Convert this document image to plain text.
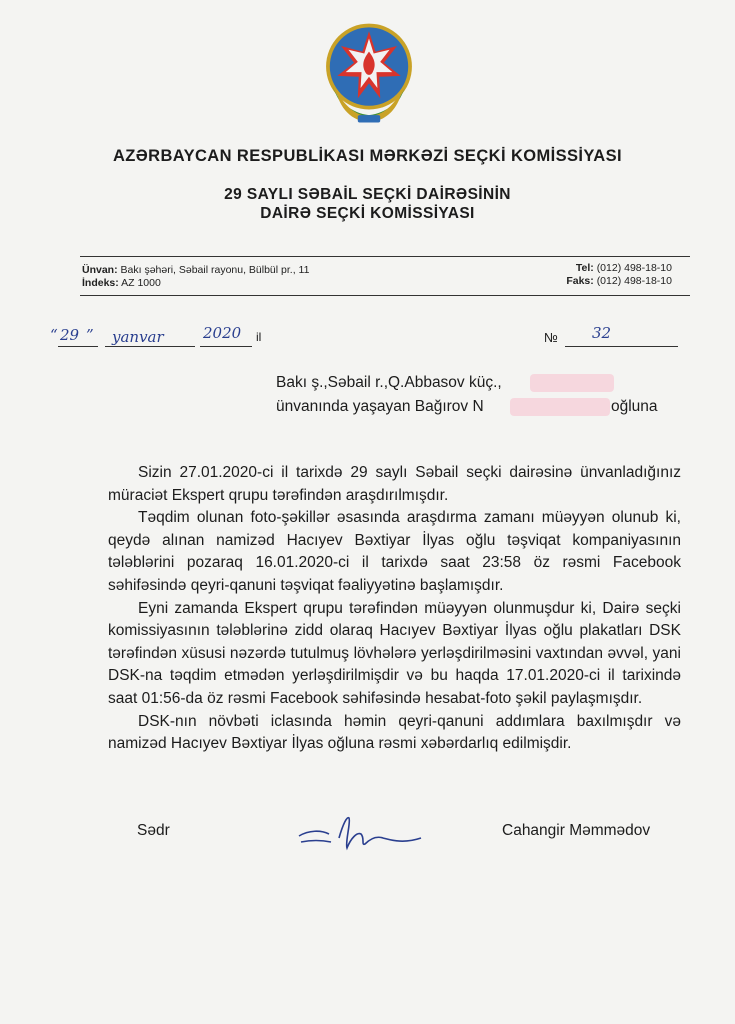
AZƏRBAYCAN RESPUBLİKASI MƏRKƏZİ SEÇKİ KOMİSSİYASI
29 SAYLI SƏBAİL SEÇKİ DAİRƏSİNİN
DAİRƏ SEÇKİ KOMİSSİYASI
Ünvan: Bakı şəhəri, Səbail rayonu, Bülbül pr., 11
İndeks: AZ 1000
Tel: (012) 498-18-10
Faks: (012) 498-18-10
“ 29 ” yanvar	2020 il	№ 32
Bakı ş.,Səbail r.,Q.Abbasov küç.,
ünvanında yaşayan Bağırov N	oğluna

Sizin 27.01.2020-ci il tarixdə 29 saylı Səbail seçki dairəsinə ünvanladığınız müraciət Ekspert qrupu tərəfindən araşdırılmışdır.

Təqdim olunan foto-şəkillər əsasında araşdırma zamanı müəyyən olunub ki, qeydə alınan namizəd Hacıyev Bəxtiyar İlyas oğlu təşviqat kompaniyasının tələblərini pozaraq 16.01.2020-ci il tarixdə saat 23:58 öz rəsmi Facebook səhifəsində qeyri-qanuni təşviqat fəaliyyətinə başlamışdır.

Eyni zamanda Ekspert qrupu tərəfindən müəyyən olunmuşdur ki, Dairə seçki komissiyasının tələblərinə zidd olaraq Hacıyev Bəxtiyar İlyas oğlu plakatları DSK tərəfindən xüsusi nəzərdə tutulmuş lövhələrə yerləşdirilməsini vaxtından əvvəl, yani DSK-na təqdim etmədən yerləşdirilmişdir və bu haqda 17.01.2020-ci il tarixində saat 01:56-da öz rəsmi Facebook səhifəsində hesabat-foto şəkil paylaşmışdır.

DSK-nın növbəti iclasında həmin qeyri-qanuni addımlara baxılmışdır və namizəd Hacıyev Bəxtiyar İlyas oğluna rəsmi xəbərdarlıq edilmişdir.

Sədr	Cahangir Məmmədov
